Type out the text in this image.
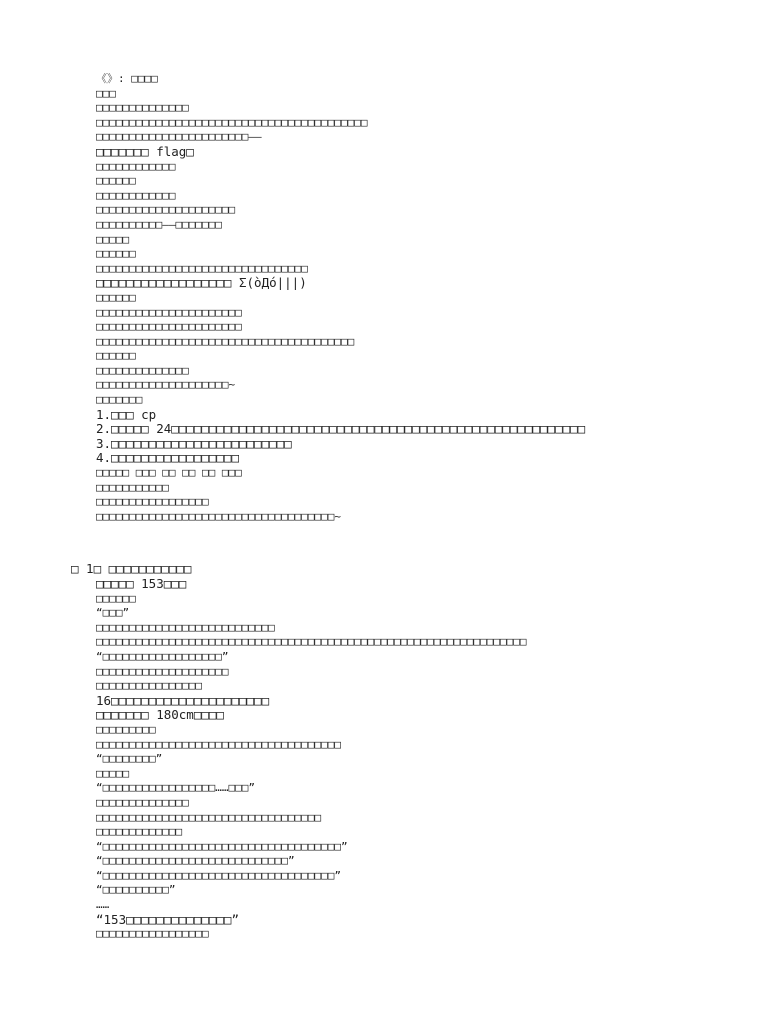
《》: □□□□
□□□
□□□□□□□□□□□□□□
□□□□□□□□□□□□□□□□□□□□□□□□□□□□□□□□□□□□□□□□□
□□□□□□□□□□□□□□□□□□□□□□□——
□□□□□□□ flag□
□□□□□□□□□□□□
□□□□□□
□□□□□□□□□□□□
□□□□□□□□□□□□□□□□□□□□□
□□□□□□□□□□——□□□□□□□
□□□□□
□□□□□□
□□□□□□□□□□□□□□□□□□□□□□□□□□□□□□□□
□□□□□□□□□□□□□□□□□□ Σ(òДó|||)
□□□□□□
□□□□□□□□□□□□□□□□□□□□□□
□□□□□□□□□□□□□□□□□□□□□□
□□□□□□□□□□□□□□□□□□□□□□□□□□□□□□□□□□□□□□□
□□□□□□
□□□□□□□□□□□□□□
□□□□□□□□□□□□□□□□□□□□~
□□□□□□□
1.□□□ cp
2.□□□□□ 24□□□□□□□□□□□□□□□□□□□□□□□□□□□□□□□□□□□□□□□□□□□□□□□□□□□□□□□
3.□□□□□□□□□□□□□□□□□□□□□□□□
4.□□□□□□□□□□□□□□□□□
□□□□□ □□□ □□ □□ □□ □□□
□□□□□□□□□□□
□□□□□□□□□□□□□□□□□
□□□□□□□□□□□□□□□□□□□□□□□□□□□□□□□□□□□□~
□ 1□ □□□□□□□□□□□
□□□□□ 153□□□
□□□□□□
“□□□”
□□□□□□□□□□□□□□□□□□□□□□□□□□□
□□□□□□□□□□□□□□□□□□□□□□□□□□□□□□□□□□□□□□□□□□□□□□□□□□□□□□□□□□□□□□□□□
“□□□□□□□□□□□□□□□□□□”
□□□□□□□□□□□□□□□□□□□□
□□□□□□□□□□□□□□□□
16□□□□□□□□□□□□□□□□□□□□□
□□□□□□□ 180cm□□□□
□□□□□□□□□
□□□□□□□□□□□□□□□□□□□□□□□□□□□□□□□□□□□□□
“□□□□□□□□”
□□□□□
“□□□□□□□□□□□□□□□□□……□□□”
□□□□□□□□□□□□□□
□□□□□□□□□□□□□□□□□□□□□□□□□□□□□□□□□□
□□□□□□□□□□□□□
“□□□□□□□□□□□□□□□□□□□□□□□□□□□□□□□□□□□□”
“□□□□□□□□□□□□□□□□□□□□□□□□□□□□”
“□□□□□□□□□□□□□□□□□□□□□□□□□□□□□□□□□□□”
“□□□□□□□□□□”
……
“153□□□□□□□□□□□□□□”
□□□□□□□□□□□□□□□□□
